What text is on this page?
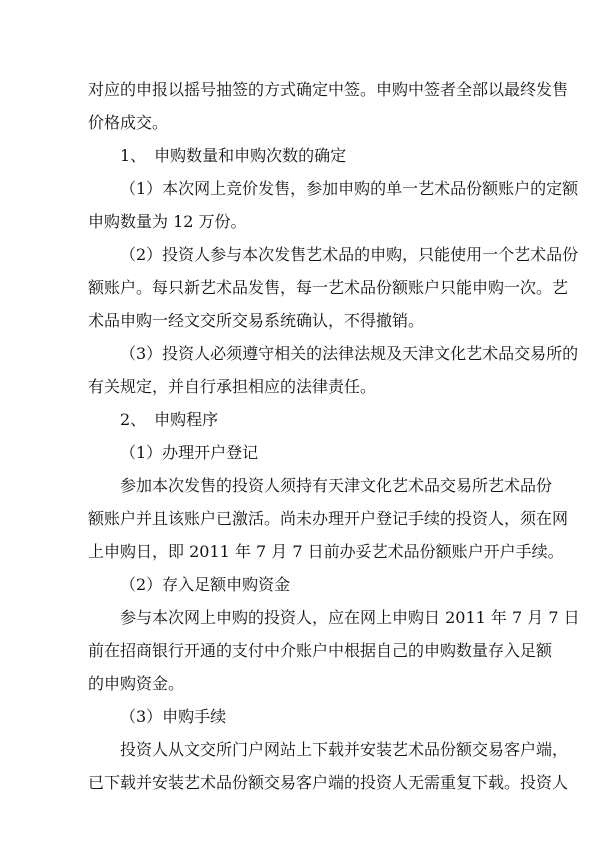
对应的申报以摇号抽签的方式确定中签。申购中签者全部以最终发售
价格成交。
1、　申购数量和申购次数的确定
（1）本次网上竞价发售，参加申购的单一艺术品份额账户的定额
申购数量为 12 万份。
（2）投资人参与本次发售艺术品的申购，只能使用一个艺术品份
额账户。每只新艺术品发售，每一艺术品份额账户只能申购一次。艺
术品申购一经文交所交易系统确认，不得撤销。
（3）投资人必须遵守相关的法律法规及天津文化艺术品交易所的
有关规定，并自行承担相应的法律责任。
2、　申购程序
（1）办理开户登记
参加本次发售的投资人须持有天津文化艺术品交易所艺术品份
额账户并且该账户已激活。尚未办理开户登记手续的投资人，须在网
上申购日，即 2011 年 7 月 7 日前办妥艺术品份额账户开户手续。
（2）存入足额申购资金
参与本次网上申购的投资人，应在网上申购日 2011 年 7 月 7 日
前在招商银行开通的支付中介账户中根据自己的申购数量存入足额
的申购资金。
（3）申购手续
投资人从文交所门户网站上下载并安装艺术品份额交易客户端，
已下载并安装艺术品份额交易客户端的投资人无需重复下载。投资人
